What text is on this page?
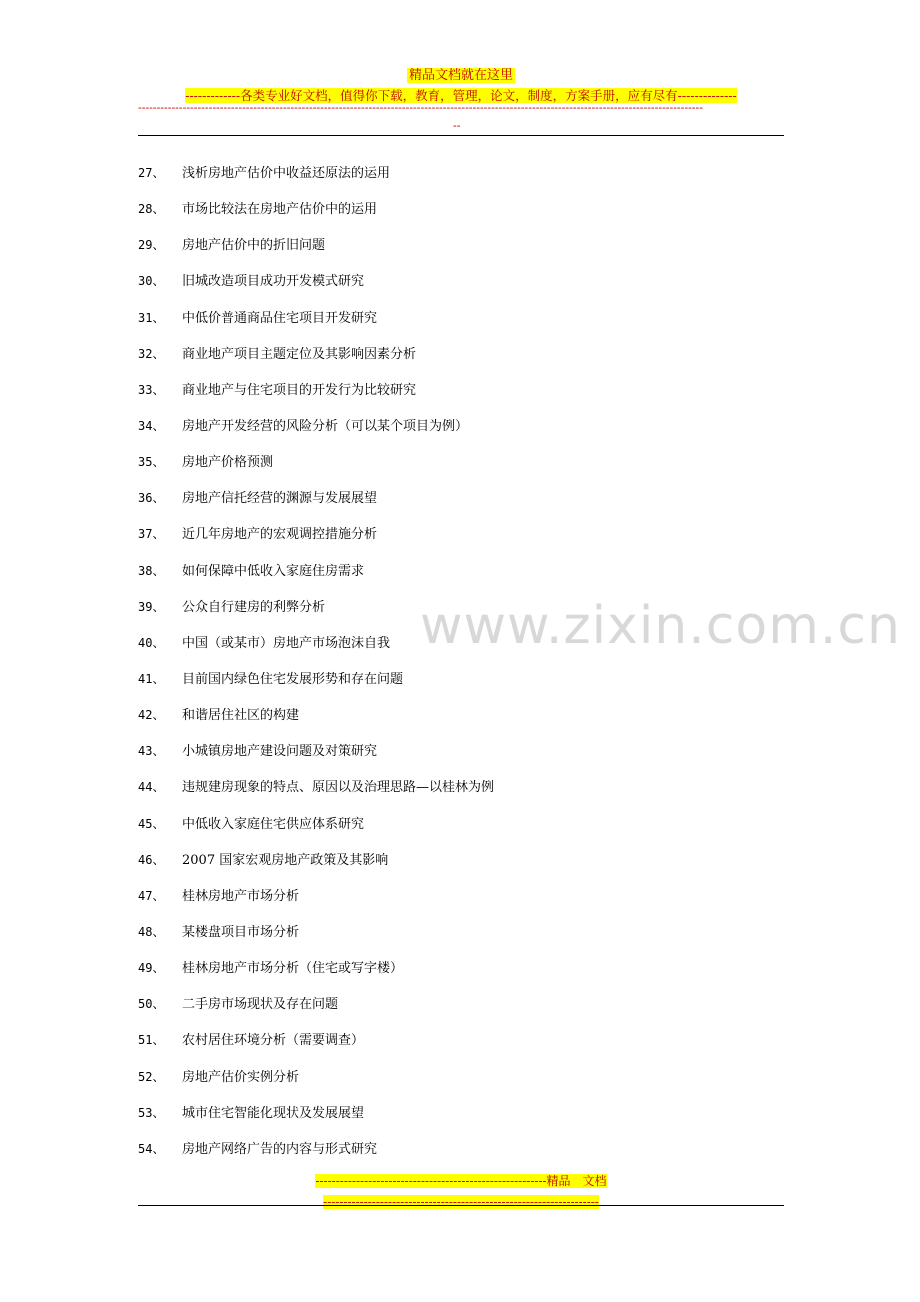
精品文档就在这里
-------------各类专业好文档，值得你下载，教育，管理，论文，制度，方案手册，应有尽有--------------
--------------------------------------------------------------------------------------------------------------------------------------------------------
--
www.zixin.com.cn
27、 浅析房地产估价中收益还原法的运用
28、 市场比较法在房地产估价中的运用
29、 房地产估价中的折旧问题
30、 旧城改造项目成功开发模式研究
31、 中低价普通商品住宅项目开发研究
32、 商业地产项目主题定位及其影响因素分析
33、 商业地产与住宅项目的开发行为比较研究
34、 房地产开发经营的风险分析（可以某个项目为例）
35、 房地产价格预测
36、 房地产信托经营的渊源与发展展望
37、 近几年房地产的宏观调控措施分析
38、 如何保障中低收入家庭住房需求
39、 公众自行建房的利弊分析
40、 中国（或某市）房地产市场泡沫自我
41、 目前国内绿色住宅发展形势和存在问题
42、 和谐居住社区的构建
43、 小城镇房地产建设问题及对策研究
44、 违规建房现象的特点、原因以及治理思路—以桂林为例
45、 中低收入家庭住宅供应体系研究
46、 2007 国家宏观房地产政策及其影响
47、 桂林房地产市场分析
48、 某楼盘项目市场分析
49、 桂林房地产市场分析（住宅或写字楼）
50、 二手房市场现状及存在问题
51、 农村居住环境分析（需要调查）
52、 房地产估价实例分析
53、 城市住宅智能化现状及发展展望
54、 房地产网络广告的内容与形式研究
---------------------------------------------------------精品　文档
--------------------------------------------------------------------
